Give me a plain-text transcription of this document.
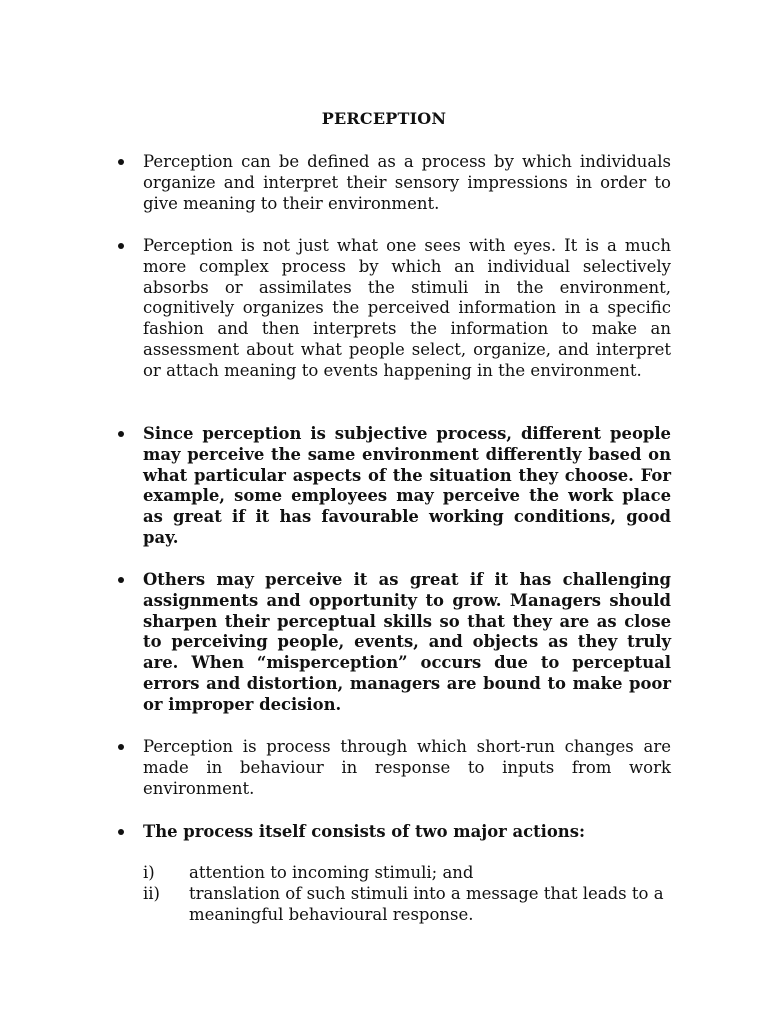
PERCEPTION
Perception can be defined as a process by which individuals organize and interpret their sensory impressions in order to give meaning to their environment.
Perception is not just what one sees with eyes. It is a much more complex process by which an individual selectively absorbs or assimilates the stimuli in the environment, cognitively organizes the perceived information in a specific fashion and then interprets the information to make an assessment about what people select, organize, and interpret or attach meaning to events happening in the environment.
Since perception is subjective process, different people may perceive the same environment differently based on what particular aspects of the situation they choose. For example, some employees may perceive the work place as great if it has favourable working conditions, good pay.
Others may perceive it as great if it has challenging assignments and opportunity to grow. Managers should sharpen their perceptual skills so that they are as close to perceiving people, events, and objects as they truly are. When “misperception” occurs due to perceptual errors and distortion, managers are bound to make poor or improper decision.
Perception is process through which short-run changes are made in behaviour in response to inputs from work environment.
The process itself consists of two major actions:

i) attention to incoming stimuli; and

ii) translation of such stimuli into a message that leads to a meaningful behavioural response.
